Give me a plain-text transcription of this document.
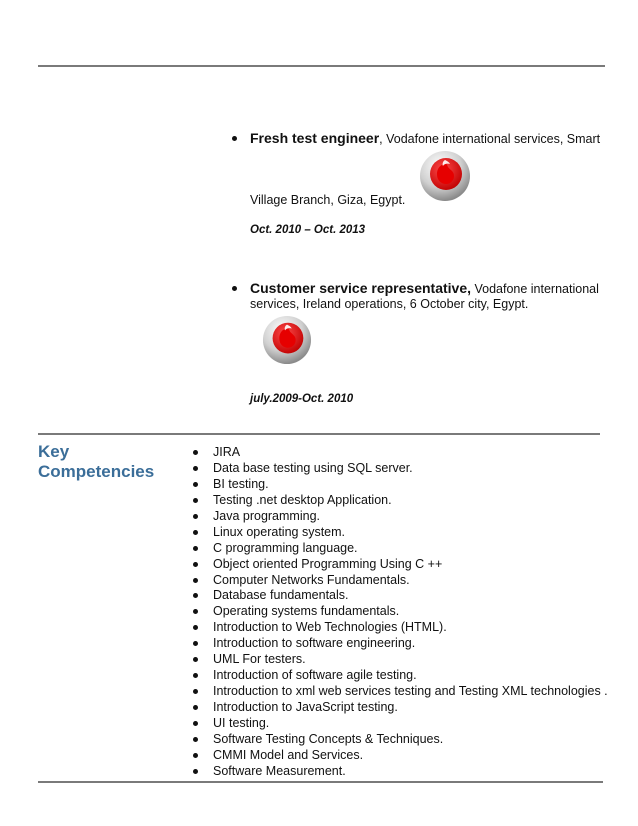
Fresh test engineer, Vodafone international services, Smart
Village Branch, Giza, Egypt.
Oct. 2010 – Oct. 2013
Customer service representative, Vodafone international
services, Ireland operations, 6 October city, Egypt.
july.2009-Oct. 2010
Key
Competencies
JIRA
Data base testing using SQL server.
BI testing.
Testing .net desktop Application.
Java programming.
Linux operating system.
C programming language.
Object oriented Programming Using C ++
Computer Networks Fundamentals.
Database fundamentals.
Operating systems fundamentals.
Introduction to Web Technologies (HTML).
Introduction to software engineering.
UML For testers.
Introduction of software agile testing.
Introduction to xml web services testing and Testing XML technologies .
Introduction to JavaScript testing.
UI testing.
Software Testing Concepts & Techniques.
CMMI Model and Services.
Software Measurement.
